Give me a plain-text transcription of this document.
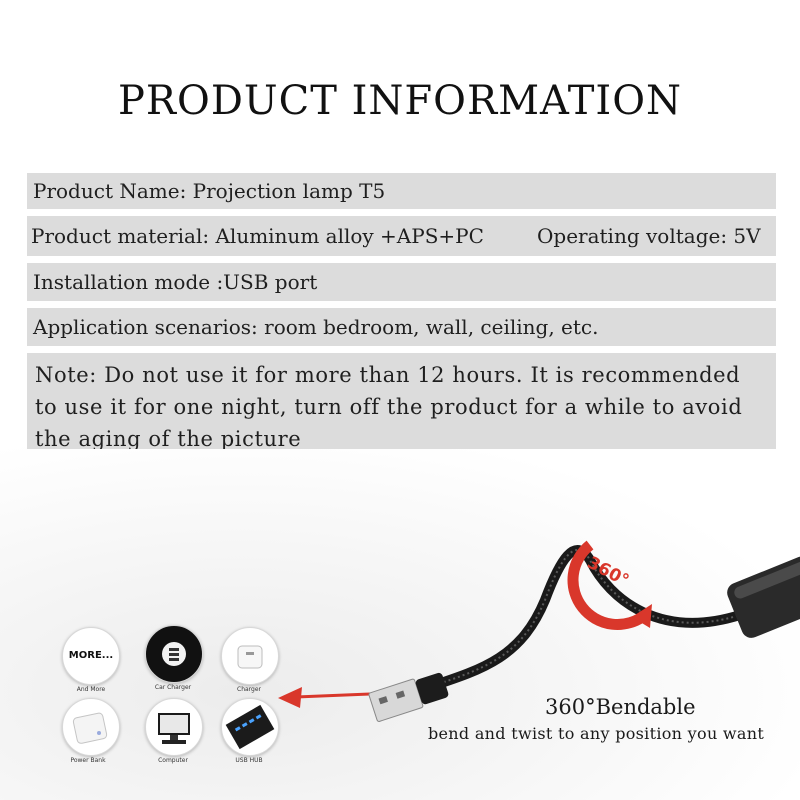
PRODUCT INFORMATION
Product Name: Projection lamp T5
Product material: Aluminum alloy +APS+PC	Operating voltage: 5V
Installation mode :USB port
Application scenarios: room bedroom, wall, ceiling, etc.
Note: Do not use it for more than 12 hours. It is recommended to use it for one night, turn off the product for a while to avoid the aging of the picture
MORE...
And More	Car Charger	Charger
Power Bank	Computer	USB HUB
360°
360°Bendable
bend and twist to any position you want
